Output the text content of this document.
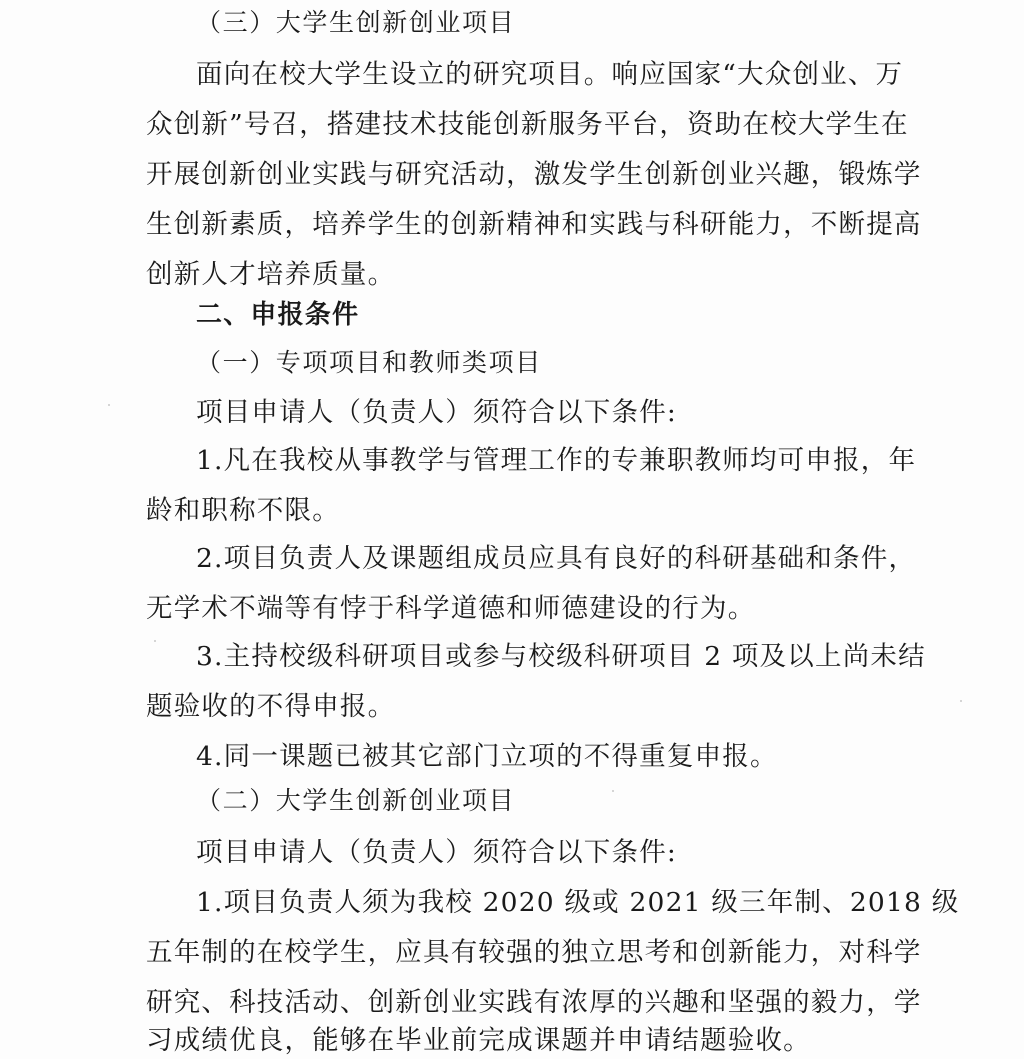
（三）大学生创新创业项目
面向在校大学生设立的研究项目。响应国家“大众创业、万
众创新”号召，搭建技术技能创新服务平台，资助在校大学生在
开展创新创业实践与研究活动，激发学生创新创业兴趣，锻炼学
生创新素质，培养学生的创新精神和实践与科研能力，不断提高
创新人才培养质量。
二、申报条件
（一）专项项目和教师类项目
项目申请人（负责人）须符合以下条件:
1.凡在我校从事教学与管理工作的专兼职教师均可申报，年
龄和职称不限。
2.项目负责人及课题组成员应具有良好的科研基础和条件，
无学术不端等有悖于科学道德和师德建设的行为。
3.主持校级科研项目或参与校级科研项目 2 项及以上尚未结
题验收的不得申报。
4.同一课题已被其它部门立项的不得重复申报。
（二）大学生创新创业项目
项目申请人（负责人）须符合以下条件:
1.项目负责人须为我校 2020 级或 2021 级三年制、2018 级
五年制的在校学生，应具有较强的独立思考和创新能力，对科学
研究、科技活动、创新创业实践有浓厚的兴趣和坚强的毅力，学
习成绩优良，能够在毕业前完成课题并申请结题验收。
